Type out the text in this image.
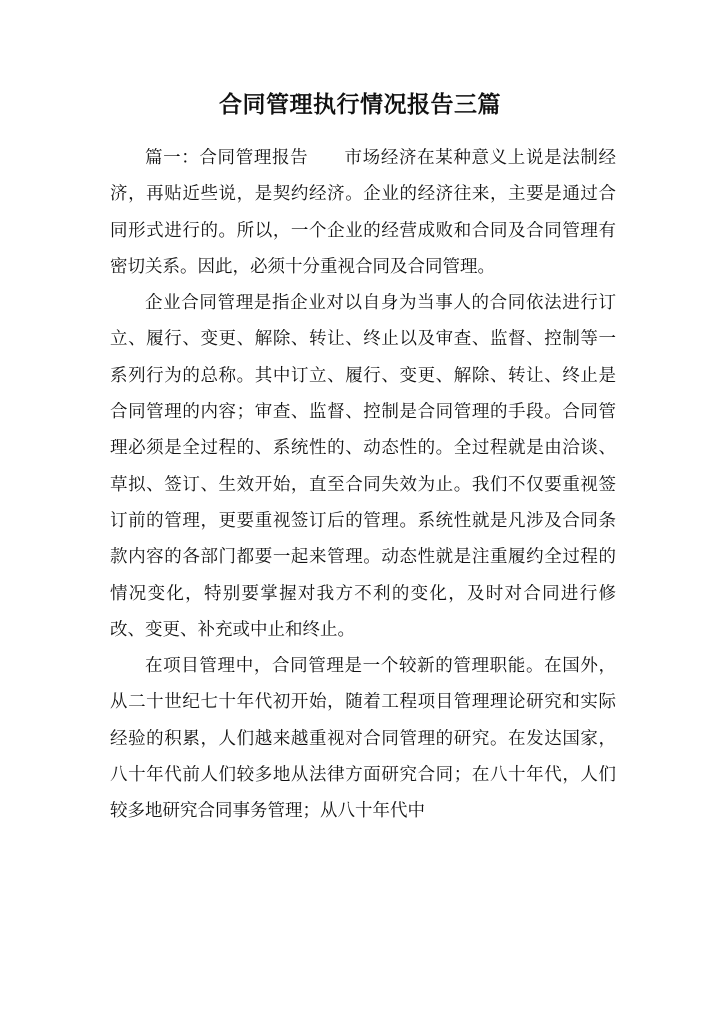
合同管理执行情况报告三篇

篇一：合同管理报告　　市场经济在某种意义上说是法制经济，再贴近些说，是契约经济。企业的经济往来，主要是通过合同形式进行的。所以，一个企业的经营成败和合同及合同管理有密切关系。因此，必须十分重视合同及合同管理。

企业合同管理是指企业对以自身为当事人的合同依法进行订立、履行、变更、解除、转让、终止以及审查、监督、控制等一系列行为的总称。其中订立、履行、变更、解除、转让、终止是合同管理的内容；审查、监督、控制是合同管理的手段。合同管理必须是全过程的、系统性的、动态性的。全过程就是由洽谈、草拟、签订、生效开始，直至合同失效为止。我们不仅要重视签订前的管理，更要重视签订后的管理。系统性就是凡涉及合同条款内容的各部门都要一起来管理。动态性就是注重履约全过程的情况变化，特别要掌握对我方不利的变化，及时对合同进行修改、变更、补充或中止和终止。

在项目管理中，合同管理是一个较新的管理职能。在国外，从二十世纪七十年代初开始，随着工程项目管理理论研究和实际经验的积累，人们越来越重视对合同管理的研究。在发达国家，八十年代前人们较多地从法律方面研究合同；在八十年代，人们较多地研究合同事务管理；从八十年代中
